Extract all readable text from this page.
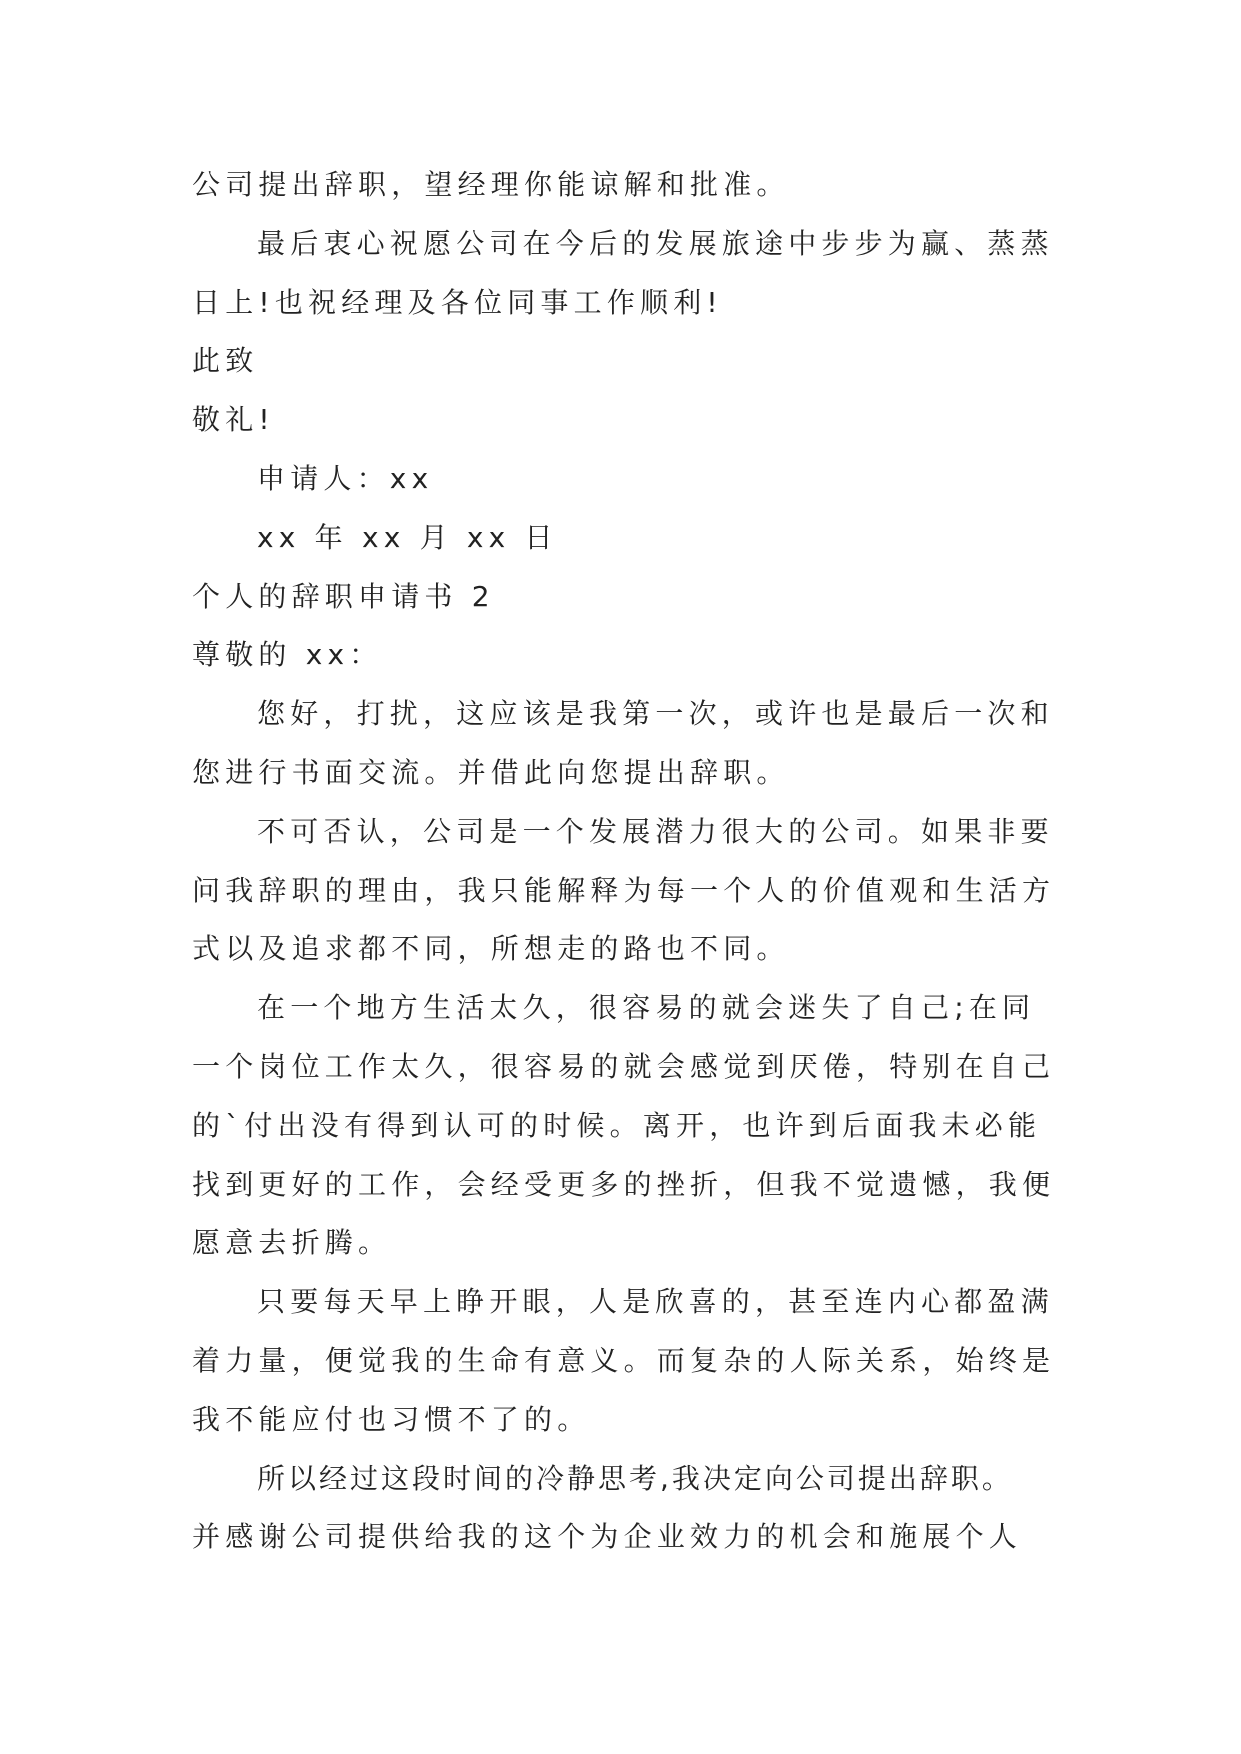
公司提出辞职，望经理你能谅解和批准。
最后衷心祝愿公司在今后的发展旅途中步步为赢、蒸蒸
日上!也祝经理及各位同事工作顺利!
此致
敬礼!
申请人：xx
xx 年 xx 月 xx 日
个人的辞职申请书 2
尊敬的 xx：
您好，打扰，这应该是我第一次，或许也是最后一次和
您进行书面交流。并借此向您提出辞职。
不可否认，公司是一个发展潜力很大的公司。如果非要
问我辞职的理由，我只能解释为每一个人的价值观和生活方
式以及追求都不同，所想走的路也不同。
在一个地方生活太久，很容易的就会迷失了自己;在同
一个岗位工作太久，很容易的就会感觉到厌倦，特别在自己
的`付出没有得到认可的时候。离开，也许到后面我未必能
找到更好的工作，会经受更多的挫折，但我不觉遗憾，我便
愿意去折腾。
只要每天早上睁开眼，人是欣喜的，甚至连内心都盈满
着力量，便觉我的生命有意义。而复杂的人际关系，始终是
我不能应付也习惯不了的。
所以经过这段时间的冷静思考,我决定向公司提出辞职。
并感谢公司提供给我的这个为企业效力的机会和施展个人
